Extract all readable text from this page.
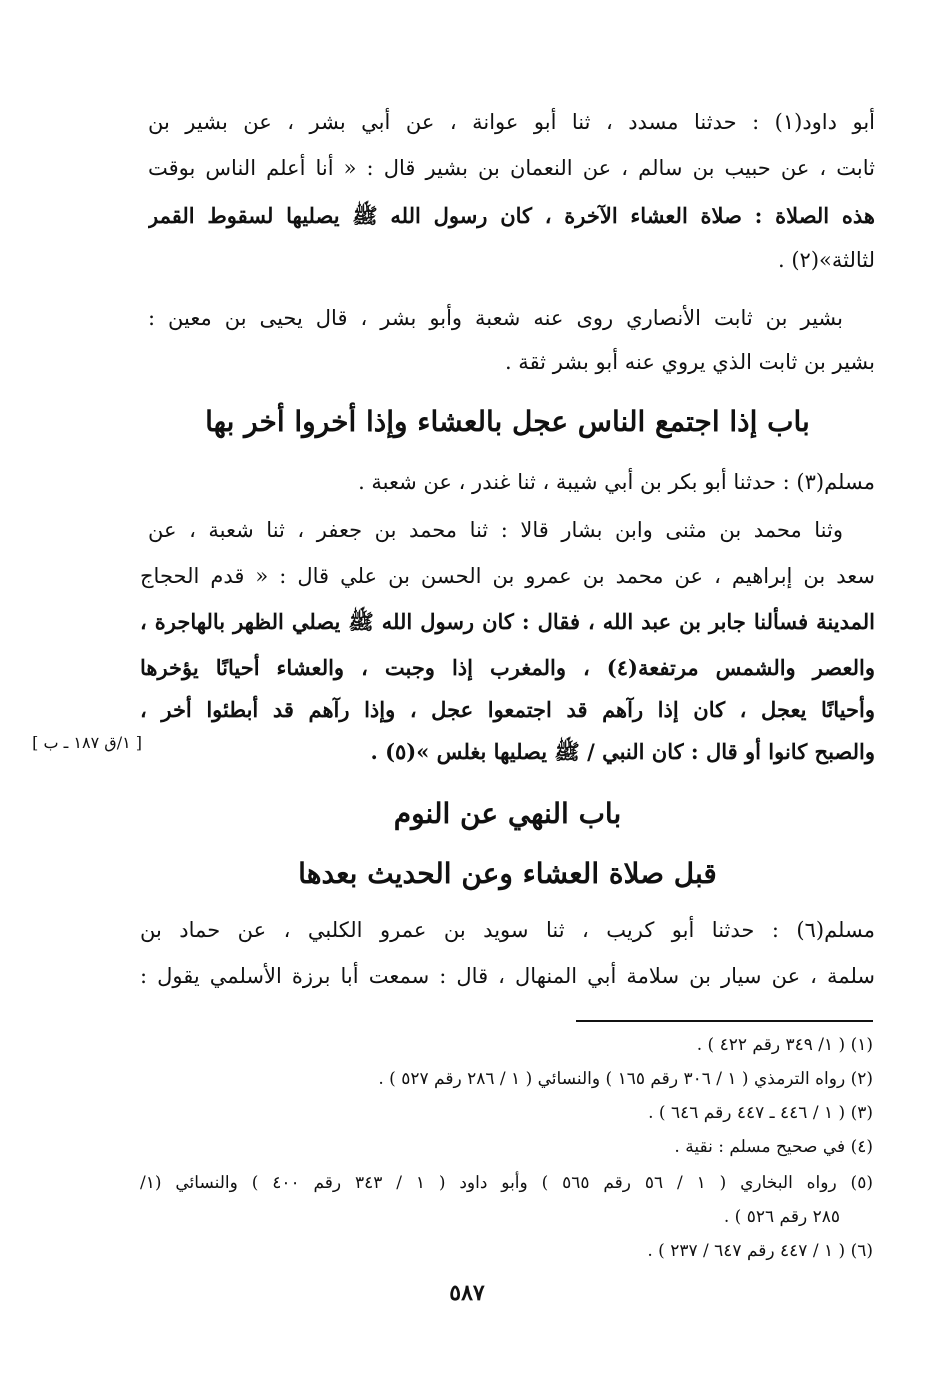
أبو داود(١) : حدثنا مسدد ، ثنا أبو عوانة ، عن أبي بشر ، عن بشير بن
ثابت ، عن حبيب بن سالم ، عن النعمان بن بشير قال : « أنا أعلم الناس بوقت
هذه الصلاة : صلاة العشاء الآخرة ، كان رسول الله ﷺ يصليها لسقوط القمر
لثالثة»(٢) .
بشير بن ثابت الأنصاري روى عنه شعبة وأبو بشر ، قال يحيى بن معين :
بشير بن ثابت الذي يروي عنه أبو بشر ثقة .
باب إذا اجتمع الناس عجل بالعشاء وإذا أخروا أخر بها
مسلم(٣) : حدثنا أبو بكر بن أبي شيبة ، ثنا غندر ، عن شعبة .
وثنا محمد بن مثنى وابن بشار قالا : ثنا محمد بن جعفر ، ثنا شعبة ، عن
سعد بن إبراهيم ، عن محمد بن عمرو بن الحسن بن علي قال : « قدم الحجاج
المدينة فسألنا جابر بن عبد الله ، فقال : كان رسول الله ﷺ يصلي الظهر بالهاجرة ،
والعصر والشمس مرتفعة(٤) ، والمغرب إذا وجبت ، والعشاء أحيانًا يؤخرها
وأحيانًا يعجل ، كان إذا رآهم قد اجتمعوا عجل ، وإذا رآهم قد أبطئوا أخر ،
والصبح كانوا أو قال : كان النبي / ﷺ يصليها بغلس »(٥) .
[ ١/ق ١٨٧ ـ ب ]
باب النهي عن النوم
قبل صلاة العشاء وعن الحديث بعدها
مسلم(٦) : حدثنا أبو كريب ، ثنا سويد بن عمرو الكلبي ، عن حماد بن
سلمة ، عن سيار بن سلامة أبي المنهال ، قال : سمعت أبا برزة الأسلمي يقول :
(١) ( ١/ ٣٤٩ رقم ٤٢٢ ) .
(٢) رواه الترمذي ( ١ / ٣٠٦ رقم ١٦٥ ) والنسائي ( ١ / ٢٨٦ رقم ٥٢٧ ) .
(٣) ( ١ / ٤٤٦ ـ ٤٤٧ رقم ٦٤٦ ) .
(٤) في صحيح مسلم : نقية .
(٥) رواه البخاري ( ١ / ٥٦ رقم ٥٦٥ ) وأبو داود ( ١ / ٣٤٣ رقم ٤٠٠ ) والنسائي (١/
٢٨٥ رقم ٥٢٦ ) .
(٦) ( ١ / ٤٤٧ رقم ٦٤٧ / ٢٣٧ ) .
٥٨٧
